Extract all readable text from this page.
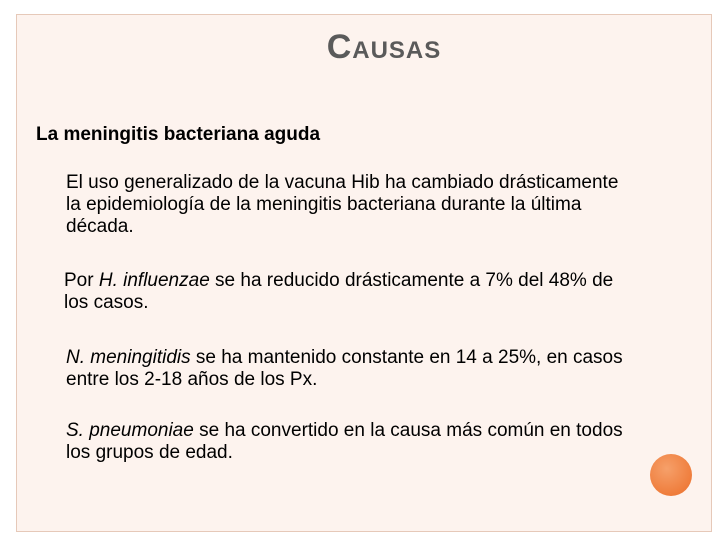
Causas
La meningitis bacteriana aguda
El uso generalizado de la vacuna Hib ha cambiado drásticamente la epidemiología de la meningitis bacteriana durante la última década.
Por H. influenzae se ha reducido drásticamente a 7% del 48% de los casos.
N. meningitidis se ha mantenido constante en 14 a 25%, en casos entre los 2-18 años de los Px.
S. pneumoniae se ha convertido en la causa más común en todos los grupos de edad.
